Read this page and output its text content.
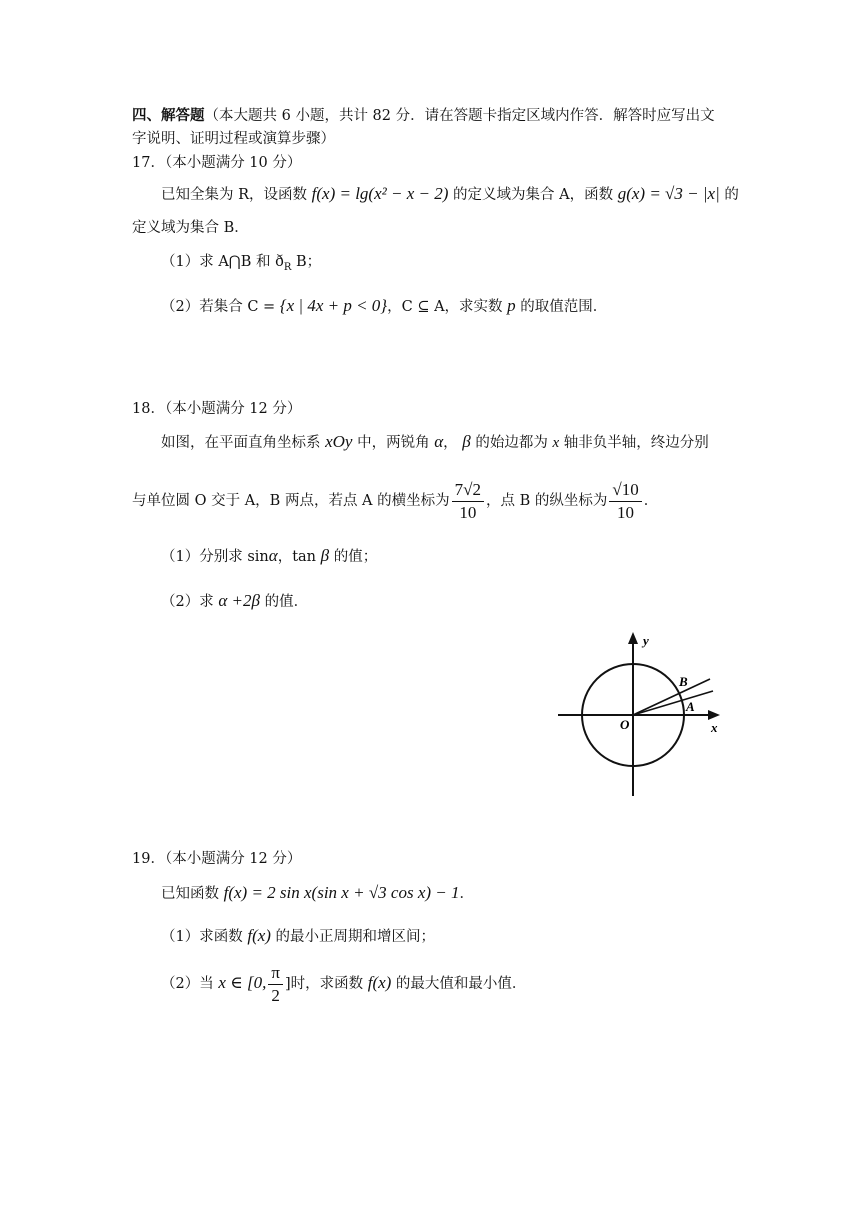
四、解答题（本大题共 6 小题，共计 82 分．请在答题卡指定区域内作答．解答时应写出文
字说明、证明过程或演算步骤）
17．（本小题满分 10 分）
已知全集为 R，设函数 f(x) = lg(x² − x − 2) 的定义域为集合 A，函数 g(x) = √3 − |x| 的
定义域为集合 B．
（1）求 A⋂B 和 $ð_R$ B；
（2）若集合 C = {x | 4x + p < 0}，C ⊆ A，求实数 p 的取值范围．
18．（本小题满分 12 分）
如图，在平面直角坐标系 xOy 中，两锐角 α， β 的始边都为 x 轴非负半轴，终边分别
与单位圆 O 交于 A，B 两点，若点 A 的横坐标为 $\frac{7√2}{10}$ ，点 B 的纵坐标为 $\frac{√10}{10}$ ．
（1）分别求 sinα，tan β 的值；
（2）求 α +2β 的值．
y
x
O
B
A
19．（本小题满分 12 分）
已知函数 f(x) = 2 sin x(sin x + √3 cos x) − 1．
（1）求函数 f(x) 的最小正周期和增区间；
（2）当 x ∈ [0, $\frac{\pi}{2}$ ]时，求函数 f(x) 的最大值和最小值．
